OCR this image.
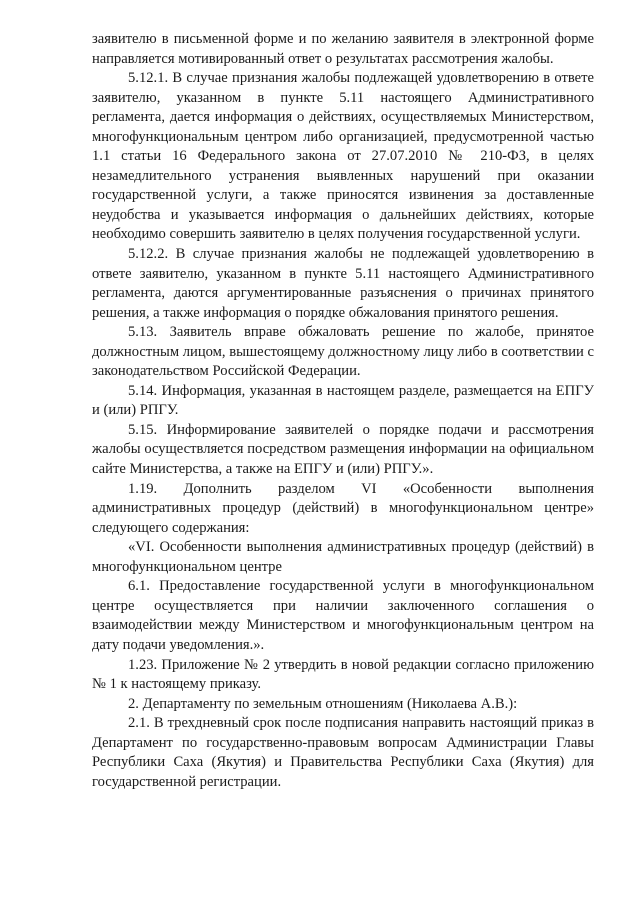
заявителю в письменной форме и по желанию заявителя в электронной форме направляется мотивированный ответ о результатах рассмотрения жалобы.

5.12.1. В случае признания жалобы подлежащей удовлетворению в ответе заявителю, указанном в пункте 5.11 настоящего Административного регламента, дается информация о действиях, осуществляемых Министерством, многофункциональным центром либо организацией, предусмотренной частью 1.1 статьи 16 Федерального закона от 27.07.2010 № 210-ФЗ, в целях незамедлительного устранения выявленных нарушений при оказании государственной услуги, а также приносятся извинения за доставленные неудобства и указывается информация о дальнейших действиях, которые необходимо совершить заявителю в целях получения государственной услуги.

5.12.2. В случае признания жалобы не подлежащей удовлетворению в ответе заявителю, указанном в пункте 5.11 настоящего Административного регламента, даются аргументированные разъяснения о причинах принятого решения, а также информация о порядке обжалования принятого решения.

5.13. Заявитель вправе обжаловать решение по жалобе, принятое должностным лицом, вышестоящему должностному лицу либо в соответствии с законодательством Российской Федерации.

5.14. Информация, указанная в настоящем разделе, размещается на ЕПГУ и (или) РПГУ.

5.15. Информирование заявителей о порядке подачи и рассмотрения жалобы осуществляется посредством размещения информации на официальном сайте Министерства, а также на ЕПГУ и (или) РПГУ.».

1.19. Дополнить разделом VI «Особенности выполнения административных процедур (действий) в многофункциональном центре» следующего содержания:

«VI. Особенности выполнения административных процедур (действий) в многофункциональном центре

6.1. Предоставление государственной услуги в многофункциональном центре осуществляется при наличии заключенного соглашения о взаимодействии между Министерством и многофункциональным центром на дату подачи уведомления.».

1.23. Приложение № 2 утвердить в новой редакции согласно приложению № 1 к настоящему приказу.

2. Департаменту по земельным отношениям (Николаева А.В.):

2.1. В трехдневный срок после подписания направить настоящий приказ в Департамент по государственно-правовым вопросам Администрации Главы Республики Саха (Якутия) и Правительства Республики Саха (Якутия) для государственной регистрации.
